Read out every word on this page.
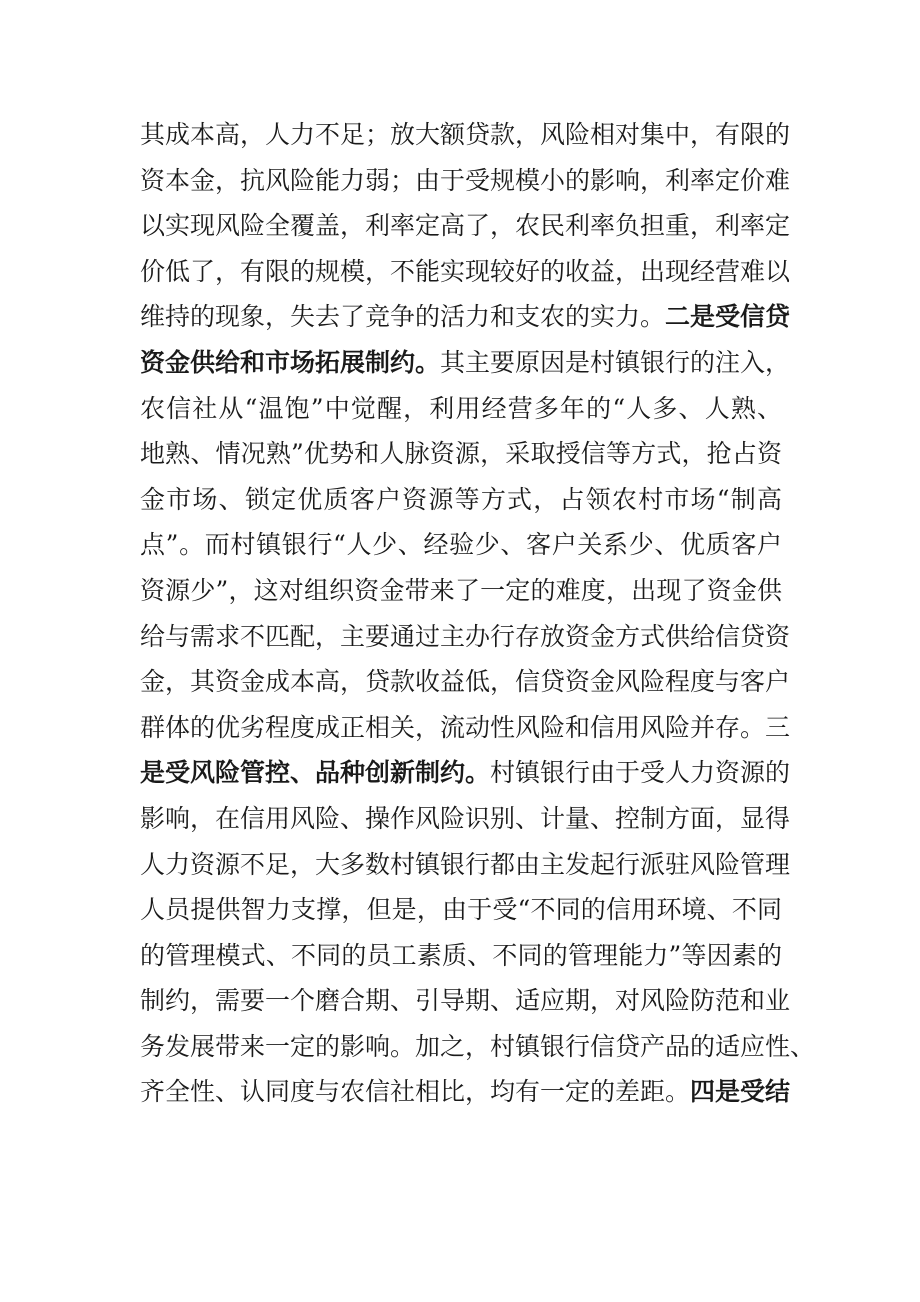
其成本高，人力不足；放大额贷款，风险相对集中，有限的
资本金，抗风险能力弱；由于受规模小的影响，利率定价难
以实现风险全覆盖，利率定高了，农民利率负担重，利率定
价低了，有限的规模，不能实现较好的收益，出现经营难以
维持的现象，失去了竞争的活力和支农的实力。二是受信贷
资金供给和市场拓展制约。其主要原因是村镇银行的注入，
农信社从“温饱”中觉醒，利用经营多年的“人多、人熟、
地熟、情况熟”优势和人脉资源，采取授信等方式，抢占资
金市场、锁定优质客户资源等方式，占领农村市场“制高
点”。而村镇银行“人少、经验少、客户关系少、优质客户
资源少”，这对组织资金带来了一定的难度，出现了资金供
给与需求不匹配，主要通过主办行存放资金方式供给信贷资
金，其资金成本高，贷款收益低，信贷资金风险程度与客户
群体的优劣程度成正相关，流动性风险和信用风险并存。三
是受风险管控、品种创新制约。村镇银行由于受人力资源的
影响，在信用风险、操作风险识别、计量、控制方面，显得
人力资源不足，大多数村镇银行都由主发起行派驻风险管理
人员提供智力支撑，但是，由于受“不同的信用环境、不同
的管理模式、不同的员工素质、不同的管理能力”等因素的
制约，需要一个磨合期、引导期、适应期，对风险防范和业
务发展带来一定的影响。加之，村镇银行信贷产品的适应性、
齐全性、认同度与农信社相比，均有一定的差距。四是受结
